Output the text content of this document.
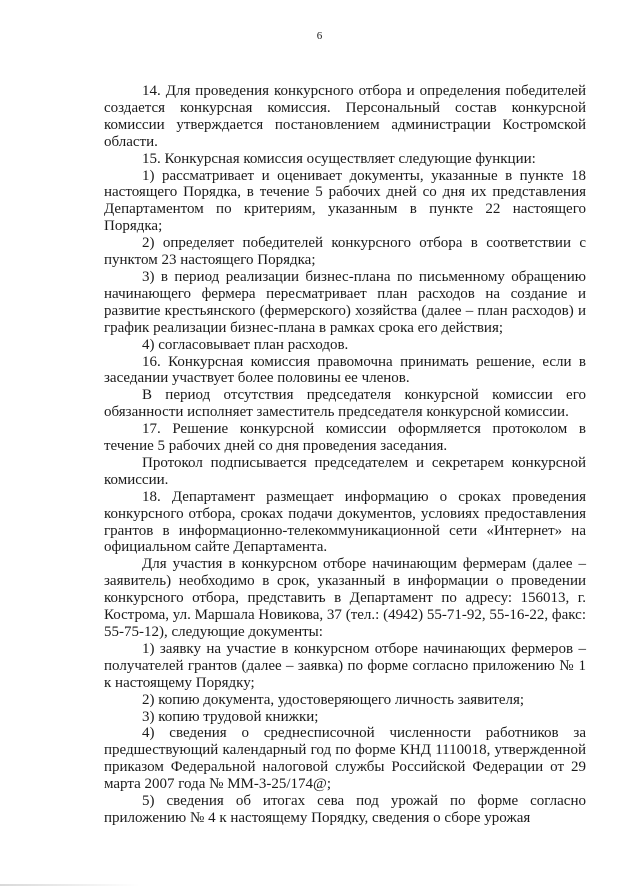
6

14. Для проведения конкурсного отбора и определения победителей создается конкурсная комиссия. Персональный состав конкурсной комиссии утверждается постановлением администрации Костромской области.

15. Конкурсная комиссия осуществляет следующие функции:

1) рассматривает и оценивает документы, указанные в пункте 18 настоящего Порядка, в течение 5 рабочих дней со дня их представления Департаментом по критериям, указанным в пункте 22 настоящего Порядка;

2) определяет победителей конкурсного отбора в соответствии с пунктом 23 настоящего Порядка;

3) в период реализации бизнес-плана по письменному обращению начинающего фермера пересматривает план расходов на создание и развитие крестьянского (фермерского) хозяйства (далее – план расходов) и график реализации бизнес-плана в рамках срока его действия;

4) согласовывает план расходов.

16. Конкурсная комиссия правомочна принимать решение, если в заседании участвует более половины ее членов.

В период отсутствия председателя конкурсной комиссии его обязанности исполняет заместитель председателя конкурсной комиссии.

17. Решение конкурсной комиссии оформляется протоколом в течение 5 рабочих дней со дня проведения заседания.

Протокол подписывается председателем и секретарем конкурсной комиссии.

18. Департамент размещает информацию о сроках проведения конкурсного отбора, сроках подачи документов, условиях предоставления грантов в информационно-телекоммуникационной сети «Интернет» на официальном сайте Департамента.

Для участия в конкурсном отборе начинающим фермерам (далее – заявитель) необходимо в срок, указанный в информации о проведении конкурсного отбора, представить в Департамент по адресу: 156013, г. Кострома, ул. Маршала Новикова, 37 (тел.: (4942) 55-71-92, 55-16-22, факс: 55-75-12), следующие документы:

1) заявку на участие в конкурсном отборе начинающих фермеров – получателей грантов (далее – заявка) по форме согласно приложению № 1 к настоящему Порядку;

2) копию документа, удостоверяющего личность заявителя;

3) копию трудовой книжки;

4) сведения о среднесписочной численности работников за предшествующий календарный год по форме КНД 1110018, утвержденной приказом Федеральной налоговой службы Российской Федерации от 29 марта 2007 года № ММ-3-25/174@;

5) сведения об итогах сева под урожай по форме согласно приложению № 4 к настоящему Порядку, сведения о сборе урожая
